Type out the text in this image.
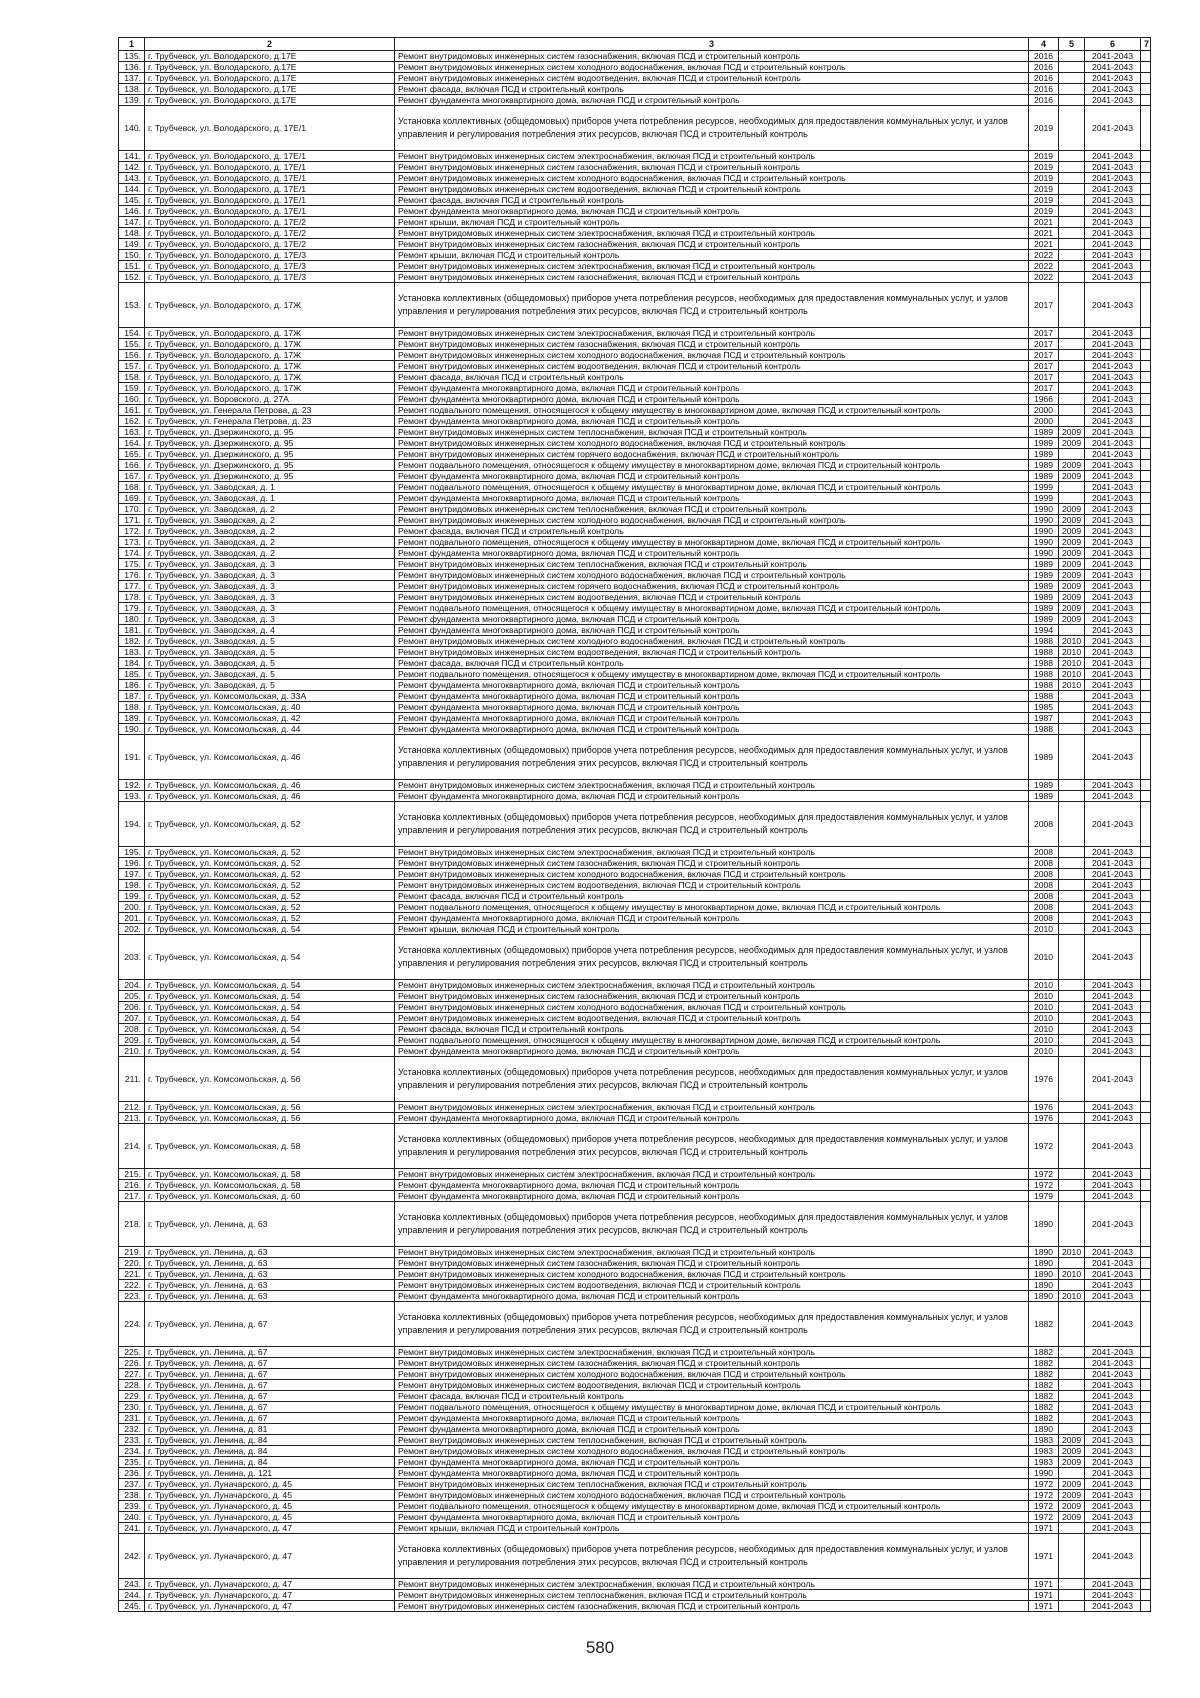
1	2	3	4	5	6	7
135.	г. Трубчевск, ул. Володарского, д.17Е	Ремонт внутридомовых инженерных систем газоснабжения, включая ПСД и строительный контроль	2016		2041-2043	
136.	г. Трубчевск, ул. Володарского, д.17Е	Ремонт внутридомовых инженерных систем холодного водоснабжения, включая ПСД и строительный контроль	2016		2041-2043	
137.	г. Трубчевск, ул. Володарского, д.17Е	Ремонт внутридомовых инженерных систем водоотведения, включая ПСД и строительный контроль	2016		2041-2043	
138.	г. Трубчевск, ул. Володарского, д.17Е	Ремонт фасада, включая ПСД и строительный контроль	2016		2041-2043	
139.	г. Трубчевск, ул. Володарского, д.17Е	Ремонт фундамента многоквартирного дома, включая ПСД и строительный контроль	2016		2041-2043	
140.	г. Трубчевск, ул. Володарского, д. 17Е/1	Установка коллективных (общедомовых) приборов учета потребления ресурсов, необходимых для предоставления коммунальных услуг, и узлов управления и регулирования потребления этих ресурсов, включая ПСД и строительный контроль	2019		2041-2043	
141.	г. Трубчевск, ул. Володарского, д. 17Е/1	Ремонт внутридомовых инженерных систем электроснабжения, включая ПСД и строительный контроль	2019		2041-2043	
142.	г. Трубчевск, ул. Володарского, д. 17Е/1	Ремонт внутридомовых инженерных систем газоснабжения, включая ПСД и строительный контроль	2019		2041-2043	
143.	г. Трубчевск, ул. Володарского, д. 17Е/1	Ремонт внутридомовых инженерных систем холодного водоснабжения, включая ПСД и строительный контроль	2019		2041-2043	
144.	г. Трубчевск, ул. Володарского, д. 17Е/1	Ремонт внутридомовых инженерных систем водоотведения, включая ПСД и строительный контроль	2019		2041-2043	
145.	г. Трубчевск, ул. Володарского, д. 17Е/1	Ремонт фасада, включая ПСД и строительный контроль	2019		2041-2043	
146.	г. Трубчевск, ул. Володарского, д. 17Е/1	Ремонт фундамента многоквартирного дома, включая ПСД и строительный контроль	2019		2041-2043	
147.	г. Трубчевск, ул. Володарского, д. 17Е/2	Ремонт крыши, включая ПСД и строительный контроль	2021		2041-2043	
148.	г. Трубчевск, ул. Володарского, д. 17Е/2	Ремонт внутридомовых инженерных систем электроснабжения, включая ПСД и строительный контроль	2021		2041-2043	
149.	г. Трубчевск, ул. Володарского, д. 17Е/2	Ремонт внутридомовых инженерных систем газоснабжения, включая ПСД и строительный контроль	2021		2041-2043	
150.	г. Трубчевск, ул. Володарского, д. 17Е/3	Ремонт крыши, включая ПСД и строительный контроль	2022		2041-2043	
151.	г. Трубчевск, ул. Володарского, д. 17Е/3	Ремонт внутридомовых инженерных систем электроснабжения, включая ПСД и строительный контроль	2022		2041-2043	
152.	г. Трубчевск, ул. Володарского, д. 17Е/3	Ремонт внутридомовых инженерных систем газоснабжения, включая ПСД и строительный контроль	2022		2041-2043	
153.	г. Трубчевск, ул. Володарского, д. 17Ж	Установка коллективных (общедомовых) приборов учета потребления ресурсов, необходимых для предоставления коммунальных услуг, и узлов управления и регулирования потребления этих ресурсов, включая ПСД и строительный контроль	2017		2041-2043	
154.	г. Трубчевск, ул. Володарского, д. 17Ж	Ремонт внутридомовых инженерных систем электроснабжения, включая ПСД и строительный контроль	2017		2041-2043	
155.	г. Трубчевск, ул. Володарского, д. 17Ж	Ремонт внутридомовых инженерных систем газоснабжения, включая ПСД и строительный контроль	2017		2041-2043	
156.	г. Трубчевск, ул. Володарского, д. 17Ж	Ремонт внутридомовых инженерных систем холодного водоснабжения, включая ПСД и строительный контроль	2017		2041-2043	
157.	г. Трубчевск, ул. Володарского, д. 17Ж	Ремонт внутридомовых инженерных систем водоотведения, включая ПСД и строительный контроль	2017		2041-2043	
158.	г. Трубчевск, ул. Володарского, д. 17Ж	Ремонт фасада, включая ПСД и строительный контроль	2017		2041-2043	
159.	г. Трубчевск, ул. Володарского, д. 17Ж	Ремонт фундамента многоквартирного дома, включая ПСД и строительный контроль	2017		2041-2043	
160.	г. Трубчевск, ул. Воровского, д. 27А	Ремонт фундамента многоквартирного дома, включая ПСД и строительный контроль	1966		2041-2043	
161.	г. Трубчевск, ул. Генерала Петрова, д. 23	Ремонт подвального помещения, относящегося к общему имуществу в многоквартирном доме, включая ПСД и строительный контроль	2000		2041-2043	
162.	г. Трубчевск, ул. Генерала Петрова, д. 23	Ремонт фундамента многоквартирного дома, включая ПСД и строительный контроль	2000		2041-2043	
163.	г. Трубчевск, ул. Дзержинского, д. 95	Ремонт внутридомовых инженерных систем теплоснабжения, включая ПСД и строительный контроль	1989	2009	2041-2043	
164.	г. Трубчевск, ул. Дзержинского, д. 95	Ремонт внутридомовых инженерных систем холодного водоснабжения, включая ПСД и строительный контроль	1989	2009	2041-2043	
165.	г. Трубчевск, ул. Дзержинского, д. 95	Ремонт внутридомовых инженерных систем горячего водоснабжения, включая ПСД и строительный контроль	1989		2041-2043	
166.	г. Трубчевск, ул. Дзержинского, д. 95	Ремонт подвального помещения, относящегося к общему имуществу в многоквартирном доме, включая ПСД и строительный контроль	1989	2009	2041-2043	
167.	г. Трубчевск, ул. Дзержинского, д. 95	Ремонт фундамента многоквартирного дома, включая ПСД и строительный контроль	1989	2009	2041-2043	
168.	г. Трубчевск, ул. Заводская, д. 1	Ремонт подвального помещения, относящегося к общему имуществу в многоквартирном доме, включая ПСД и строительный контроль	1999		2041-2043	
169.	г. Трубчевск, ул. Заводская, д. 1	Ремонт фундамента многоквартирного дома, включая ПСД и строительный контроль	1999		2041-2043	
170.	г. Трубчевск, ул. Заводская, д. 2	Ремонт внутридомовых инженерных систем теплоснабжения, включая ПСД и строительный контроль	1990	2009	2041-2043	
171.	г. Трубчевск, ул. Заводская, д. 2	Ремонт внутридомовых инженерных систем холодного водоснабжения, включая ПСД и строительный контроль	1990	2009	2041-2043	
172.	г. Трубчевск, ул. Заводская, д. 2	Ремонт фасада, включая ПСД и строительный контроль	1990	2009	2041-2043	
173.	г. Трубчевск, ул. Заводская, д. 2	Ремонт подвального помещения, относящегося к общему имуществу в многоквартирном доме, включая ПСД и строительный контроль	1990	2009	2041-2043	
174.	г. Трубчевск, ул. Заводская, д. 2	Ремонт фундамента многоквартирного дома, включая ПСД и строительный контроль	1990	2009	2041-2043	
175.	г. Трубчевск, ул. Заводская, д. 3	Ремонт внутридомовых инженерных систем теплоснабжения, включая ПСД и строительный контроль	1989	2009	2041-2043	
176.	г. Трубчевск, ул. Заводская, д. 3	Ремонт внутридомовых инженерных систем холодного водоснабжения, включая ПСД и строительный контроль	1989	2009	2041-2043	
177.	г. Трубчевск, ул. Заводская, д. 3	Ремонт внутридомовых инженерных систем горячего водоснабжения, включая ПСД и строительный контроль	1989	2009	2041-2043	
178.	г. Трубчевск, ул. Заводская, д. 3	Ремонт внутридомовых инженерных систем водоотведения, включая ПСД и строительный контроль	1989	2009	2041-2043	
179.	г. Трубчевск, ул. Заводская, д. 3	Ремонт подвального помещения, относящегося к общему имуществу в многоквартирном доме, включая ПСД и строительный контроль	1989	2009	2041-2043	
180.	г. Трубчевск, ул. Заводская, д. 3	Ремонт фундамента многоквартирного дома, включая ПСД и строительный контроль	1989	2009	2041-2043	
181.	г. Трубчевск, ул. Заводская, д. 4	Ремонт фундамента многоквартирного дома, включая ПСД и строительный контроль	1994		2041-2043	
182.	г. Трубчевск, ул. Заводская, д. 5	Ремонт внутридомовых инженерных систем холодного водоснабжения, включая ПСД и строительный контроль	1988	2010	2041-2043	
183.	г. Трубчевск, ул. Заводская, д. 5	Ремонт внутридомовых инженерных систем водоотведения, включая ПСД и строительный контроль	1988	2010	2041-2043	
184.	г. Трубчевск, ул. Заводская, д. 5	Ремонт фасада, включая ПСД и строительный контроль	1988	2010	2041-2043	
185.	г. Трубчевск, ул. Заводская, д. 5	Ремонт подвального помещения, относящегося к общему имуществу в многоквартирном доме, включая ПСД и строительный контроль	1988	2010	2041-2043	
186.	г. Трубчевск, ул. Заводская, д. 5	Ремонт фундамента многоквартирного дома, включая ПСД и строительный контроль	1988	2010	2041-2043	
187.	г. Трубчевск, ул. Комсомольская, д. 33А	Ремонт фундамента многоквартирного дома, включая ПСД и строительный контроль	1988		2041-2043	
188.	г. Трубчевск, ул. Комсомольская, д. 40	Ремонт фундамента многоквартирного дома, включая ПСД и строительный контроль	1985		2041-2043	
189.	г. Трубчевск, ул. Комсомольская, д. 42	Ремонт фундамента многоквартирного дома, включая ПСД и строительный контроль	1987		2041-2043	
190.	г. Трубчевск, ул. Комсомольская, д. 44	Ремонт фундамента многоквартирного дома, включая ПСД и строительный контроль	1988		2041-2043	
191.	г. Трубчевск, ул. Комсомольская, д. 46	Установка коллективных (общедомовых) приборов учета потребления ресурсов, необходимых для предоставления коммунальных услуг, и узлов управления и регулирования потребления этих ресурсов, включая ПСД и строительный контроль	1989		2041-2043	
192.	г. Трубчевск, ул. Комсомольская, д. 46	Ремонт внутридомовых инженерных систем электроснабжения, включая ПСД и строительный контроль	1989		2041-2043	
193.	г. Трубчевск, ул. Комсомольская, д. 46	Ремонт фундамента многоквартирного дома, включая ПСД и строительный контроль	1989		2041-2043	
194.	г. Трубчевск, ул. Комсомольская, д. 52	Установка коллективных (общедомовых) приборов учета потребления ресурсов, необходимых для предоставления коммунальных услуг, и узлов управления и регулирования потребления этих ресурсов, включая ПСД и строительный контроль	2008		2041-2043	
195.	г. Трубчевск, ул. Комсомольская, д. 52	Ремонт внутридомовых инженерных систем электроснабжения, включая ПСД и строительный контроль	2008		2041-2043	
196.	г. Трубчевск, ул. Комсомольская, д. 52	Ремонт внутридомовых инженерных систем газоснабжения, включая ПСД и строительный контроль	2008		2041-2043	
197.	г. Трубчевск, ул. Комсомольская, д. 52	Ремонт внутридомовых инженерных систем холодного водоснабжения, включая ПСД и строительный контроль	2008		2041-2043	
198.	г. Трубчевск, ул. Комсомольская, д. 52	Ремонт внутридомовых инженерных систем водоотведения, включая ПСД и строительный контроль	2008		2041-2043	
199.	г. Трубчевск, ул. Комсомольская, д. 52	Ремонт фасада, включая ПСД и строительный контроль	2008		2041-2043	
200.	г. Трубчевск, ул. Комсомольская, д. 52	Ремонт подвального помещения, относящегося к общему имуществу в многоквартирном доме, включая ПСД и строительный контроль	2008		2041-2043	
201.	г. Трубчевск, ул. Комсомольская, д. 52	Ремонт фундамента многоквартирного дома, включая ПСД и строительный контроль	2008		2041-2043	
202.	г. Трубчевск, ул. Комсомольская, д. 54	Ремонт крыши, включая ПСД и строительный контроль	2010		2041-2043	
203.	г. Трубчевск, ул. Комсомольская, д. 54	Установка коллективных (общедомовых) приборов учета потребления ресурсов, необходимых для предоставления коммунальных услуг, и узлов управления и регулирования потребления этих ресурсов, включая ПСД и строительный контроль	2010		2041-2043	
204.	г. Трубчевск, ул. Комсомольская, д. 54	Ремонт внутридомовых инженерных систем электроснабжения, включая ПСД и строительный контроль	2010		2041-2043	
205.	г. Трубчевск, ул. Комсомольская, д. 54	Ремонт внутридомовых инженерных систем газоснабжения, включая ПСД и строительный контроль	2010		2041-2043	
206.	г. Трубчевск, ул. Комсомольская, д. 54	Ремонт внутридомовых инженерных систем холодного водоснабжения, включая ПСД и строительный контроль	2010		2041-2043	
207.	г. Трубчевск, ул. Комсомольская, д. 54	Ремонт внутридомовых инженерных систем водоотведения, включая ПСД и строительный контроль	2010		2041-2043	
208.	г. Трубчевск, ул. Комсомольская, д. 54	Ремонт фасада, включая ПСД и строительный контроль	2010		2041-2043	
209.	г. Трубчевск, ул. Комсомольская, д. 54	Ремонт подвального помещения, относящегося к общему имуществу в многоквартирном доме, включая ПСД и строительный контроль	2010		2041-2043	
210.	г. Трубчевск, ул. Комсомольская, д. 54	Ремонт фундамента многоквартирного дома, включая ПСД и строительный контроль	2010		2041-2043	
211.	г. Трубчевск, ул. Комсомольская, д. 56	Установка коллективных (общедомовых) приборов учета потребления ресурсов, необходимых для предоставления коммунальных услуг, и узлов управления и регулирования потребления этих ресурсов, включая ПСД и строительный контроль	1976		2041-2043	
212.	г. Трубчевск, ул. Комсомольская, д. 56	Ремонт внутридомовых инженерных систем электроснабжения, включая ПСД и строительный контроль	1976		2041-2043	
213.	г. Трубчевск, ул. Комсомольская, д. 56	Ремонт фундамента многоквартирного дома, включая ПСД и строительный контроль	1976		2041-2043	
214.	г. Трубчевск, ул. Комсомольская, д. 58	Установка коллективных (общедомовых) приборов учета потребления ресурсов, необходимых для предоставления коммунальных услуг, и узлов управления и регулирования потребления этих ресурсов, включая ПСД и строительный контроль	1972		2041-2043	
215.	г. Трубчевск, ул. Комсомольская, д. 58	Ремонт внутридомовых инженерных систем электроснабжения, включая ПСД и строительный контроль	1972		2041-2043	
216.	г. Трубчевск, ул. Комсомольская, д. 58	Ремонт фундамента многоквартирного дома, включая ПСД и строительный контроль	1972		2041-2043	
217.	г. Трубчевск, ул. Комсомольская, д. 60	Ремонт фундамента многоквартирного дома, включая ПСД и строительный контроль	1979		2041-2043	
218.	г. Трубчевск, ул. Ленина, д. 63	Установка коллективных (общедомовых) приборов учета потребления ресурсов, необходимых для предоставления коммунальных услуг, и узлов управления и регулирования потребления этих ресурсов, включая ПСД и строительный контроль	1890		2041-2043	
219.	г. Трубчевск, ул. Ленина, д. 63	Ремонт внутридомовых инженерных систем электроснабжения, включая ПСД и строительный контроль	1890	2010	2041-2043	
220.	г. Трубчевск, ул. Ленина, д. 63	Ремонт внутридомовых инженерных систем газоснабжения, включая ПСД и строительный контроль	1890		2041-2043	
221.	г. Трубчевск, ул. Ленина, д. 63	Ремонт внутридомовых инженерных систем холодного водоснабжения, включая ПСД и строительный контроль	1890	2010	2041-2043	
222.	г. Трубчевск, ул. Ленина, д. 63	Ремонт внутридомовых инженерных систем водоотведения, включая ПСД и строительный контроль	1890		2041-2043	
223.	г. Трубчевск, ул. Ленина, д. 63	Ремонт фундамента многоквартирного дома, включая ПСД и строительный контроль	1890	2010	2041-2043	
224.	г. Трубчевск, ул. Ленина, д. 67	Установка коллективных (общедомовых) приборов учета потребления ресурсов, необходимых для предоставления коммунальных услуг, и узлов управления и регулирования потребления этих ресурсов, включая ПСД и строительный контроль	1882		2041-2043	
225.	г. Трубчевск, ул. Ленина, д. 67	Ремонт внутридомовых инженерных систем электроснабжения, включая ПСД и строительный контроль	1882		2041-2043	
226.	г. Трубчевск, ул. Ленина, д. 67	Ремонт внутридомовых инженерных систем газоснабжения, включая ПСД и строительный контроль	1882		2041-2043	
227.	г. Трубчевск, ул. Ленина, д. 67	Ремонт внутридомовых инженерных систем холодного водоснабжения, включая ПСД и строительный контроль	1882		2041-2043	
228.	г. Трубчевск, ул. Ленина, д. 67	Ремонт внутридомовых инженерных систем водоотведения, включая ПСД и строительный контроль	1882		2041-2043	
229.	г. Трубчевск, ул. Ленина, д. 67	Ремонт фасада, включая ПСД и строительный контроль	1882		2041-2043	
230.	г. Трубчевск, ул. Ленина, д. 67	Ремонт подвального помещения, относящегося к общему имуществу в многоквартирном доме, включая ПСД и строительный контроль	1882		2041-2043	
231.	г. Трубчевск, ул. Ленина, д. 67	Ремонт фундамента многоквартирного дома, включая ПСД и строительный контроль	1882		2041-2043	
232.	г. Трубчевск, ул. Ленина, д. 81	Ремонт фундамента многоквартирного дома, включая ПСД и строительный контроль	1890		2041-2043	
233.	г. Трубчевск, ул. Ленина, д. 84	Ремонт внутридомовых инженерных систем теплоснабжения, включая ПСД и строительный контроль	1983	2009	2041-2043	
234.	г. Трубчевск, ул. Ленина, д. 84	Ремонт внутридомовых инженерных систем холодного водоснабжения, включая ПСД и строительный контроль	1983	2009	2041-2043	
235.	г. Трубчевск, ул. Ленина, д. 84	Ремонт фундамента многоквартирного дома, включая ПСД и строительный контроль	1983	2009	2041-2043	
236.	г. Трубчевск, ул. Ленина, д. 121	Ремонт фундамента многоквартирного дома, включая ПСД и строительный контроль	1990		2041-2043	
237.	г. Трубчевск, ул. Луначарского, д. 45	Ремонт внутридомовых инженерных систем теплоснабжения, включая ПСД и строительный контроль	1972	2009	2041-2043	
238.	г. Трубчевск, ул. Луначарского, д. 45	Ремонт внутридомовых инженерных систем холодного водоснабжения, включая ПСД и строительный контроль	1972	2009	2041-2043	
239.	г. Трубчевск, ул. Луначарского, д. 45	Ремонт подвального помещения, относящегося к общему имуществу в многоквартирном доме, включая ПСД и строительный контроль	1972	2009	2041-2043	
240.	г. Трубчевск, ул. Луначарского, д. 45	Ремонт фундамента многоквартирного дома, включая ПСД и строительный контроль	1972	2009	2041-2043	
241.	г. Трубчевск, ул. Луначарского, д. 47	Ремонт крыши, включая ПСД и строительный контроль	1971		2041-2043	
242.	г. Трубчевск, ул. Луначарского, д. 47	Установка коллективных (общедомовых) приборов учета потребления ресурсов, необходимых для предоставления коммунальных услуг, и узлов управления и регулирования потребления этих ресурсов, включая ПСД и строительный контроль	1971		2041-2043	
243.	г. Трубчевск, ул. Луначарского, д. 47	Ремонт внутридомовых инженерных систем электроснабжения, включая ПСД и строительный контроль	1971		2041-2043	
244.	г. Трубчевск, ул. Луначарского, д. 47	Ремонт внутридомовых инженерных систем теплоснабжения, включая ПСД и строительный контроль	1971		2041-2043	
245.	г. Трубчевск, ул. Луначарского, д. 47	Ремонт внутридомовых инженерных систем газоснабжения, включая ПСД и строительный контроль	1971		2041-2043	
580
